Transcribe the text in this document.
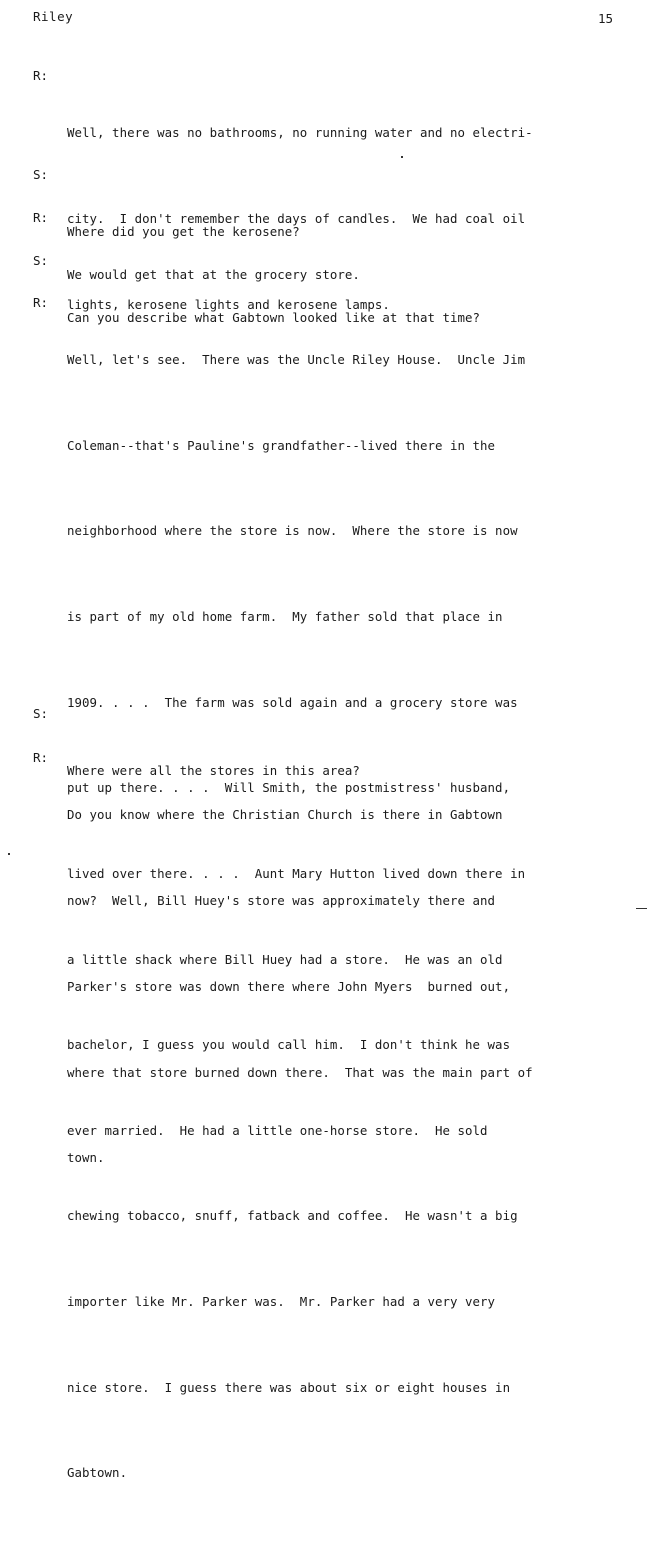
Riley	15
R:

Well, there was no bathrooms, no running water and no electri-

city.  I don't remember the days of candles.  We had coal oil

lights, kerosene lights and kerosene lamps.

S:

Where did you get the kerosene?

R:

We would get that at the grocery store.

S:

Can you describe what Gabtown looked like at that time?

R:

Well, let's see.  There was the Uncle Riley House.  Uncle Jim

Coleman--that's Pauline's grandfather--lived there in the

neighborhood where the store is now.  Where the store is now

is part of my old home farm.  My father sold that place in

1909. . . .  The farm was sold again and a grocery store was

put up there. . . .  Will Smith, the postmistress' husband,

lived over there. . . .  Aunt Mary Hutton lived down there in

a little shack where Bill Huey had a store.  He was an old

bachelor, I guess you would call him.  I don't think he was

ever married.  He had a little one-horse store.  He sold

chewing tobacco, snuff, fatback and coffee.  He wasn't a big

importer like Mr. Parker was.  Mr. Parker had a very very

nice store.  I guess there was about six or eight houses in

Gabtown.

S:

Where were all the stores in this area?

R:

Do you know where the Christian Church is there in Gabtown

now?  Well, Bill Huey's store was approximately there and

Parker's store was down there where John Myers  burned out,

where that store burned down there.  That was the main part of

town.
